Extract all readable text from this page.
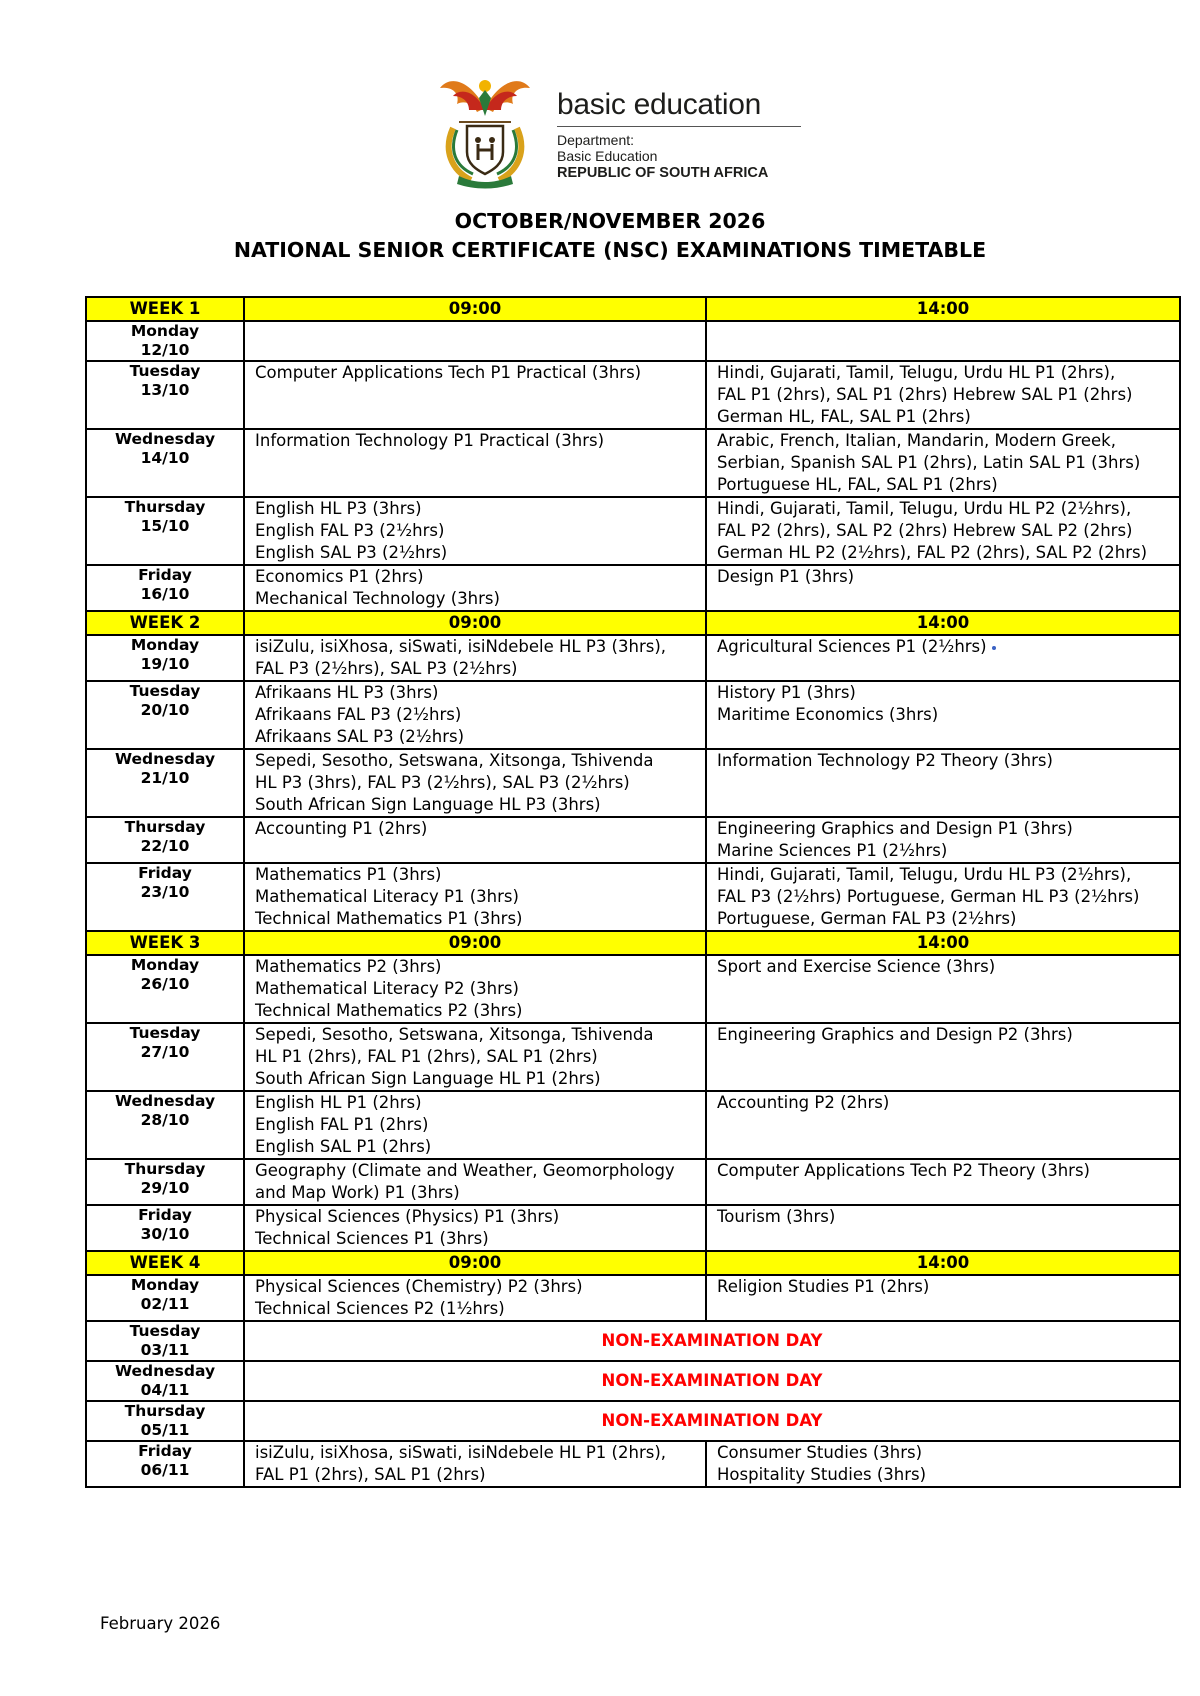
basic education
Department:
Basic Education
REPUBLIC OF SOUTH AFRICA
OCTOBER/NOVEMBER 2026
NATIONAL SENIOR CERTIFICATE (NSC) EXAMINATIONS TIMETABLE
WEEK 1	09:00	14:00

Monday
12/10		

Tuesday
13/10	Computer Applications Tech P1 Practical (3hrs)	Hindi, Gujarati, Tamil, Telugu, Urdu HL P1 (2hrs),
FAL P1 (2hrs), SAL P1 (2hrs) Hebrew SAL P1 (2hrs)
German HL, FAL, SAL P1 (2hrs)

Wednesday
14/10	Information Technology P1 Practical (3hrs)	Arabic, French, Italian, Mandarin, Modern Greek,
Serbian, Spanish SAL P1 (2hrs), Latin SAL P1 (3hrs)
Portuguese HL, FAL, SAL P1 (2hrs)

Thursday
15/10	English HL P3 (3hrs)
English FAL P3 (2½hrs)
English SAL P3 (2½hrs)	Hindi, Gujarati, Tamil, Telugu, Urdu HL P2 (2½hrs),
FAL P2 (2hrs), SAL P2 (2hrs) Hebrew SAL P2 (2hrs)
German HL P2 (2½hrs), FAL P2 (2hrs), SAL P2 (2hrs)

Friday
16/10	Economics P1 (2hrs)
Mechanical Technology (3hrs)	Design P1 (3hrs)

WEEK 2	09:00	14:00

Monday
19/10	isiZulu, isiXhosa, siSwati, isiNdebele HL P3 (3hrs),
FAL P3 (2½hrs), SAL P3 (2½hrs)	Agricultural Sciences P1 (2½hrs)

Tuesday
20/10	Afrikaans HL P3 (3hrs)
Afrikaans FAL P3 (2½hrs)
Afrikaans SAL P3 (2½hrs)	History P1 (3hrs)
Maritime Economics (3hrs)

Wednesday
21/10	Sepedi, Sesotho, Setswana, Xitsonga, Tshivenda
HL P3 (3hrs), FAL P3 (2½hrs), SAL P3 (2½hrs)
South African Sign Language HL P3 (3hrs)	Information Technology P2 Theory (3hrs)

Thursday
22/10	Accounting P1 (2hrs)	Engineering Graphics and Design P1 (3hrs)
Marine Sciences P1 (2½hrs)

Friday
23/10	Mathematics P1 (3hrs)
Mathematical Literacy P1 (3hrs)
Technical Mathematics P1 (3hrs)	Hindi, Gujarati, Tamil, Telugu, Urdu HL P3 (2½hrs),
FAL P3 (2½hrs) Portuguese, German HL P3 (2½hrs)
Portuguese, German FAL P3 (2½hrs)

WEEK 3	09:00	14:00

Monday
26/10	Mathematics P2 (3hrs)
Mathematical Literacy P2 (3hrs)
Technical Mathematics P2 (3hrs)	Sport and Exercise Science (3hrs)

Tuesday
27/10	Sepedi, Sesotho, Setswana, Xitsonga, Tshivenda
HL P1 (2hrs), FAL P1 (2hrs), SAL P1 (2hrs)
South African Sign Language HL P1 (2hrs)	Engineering Graphics and Design P2 (3hrs)

Wednesday
28/10	English HL P1 (2hrs)
English FAL P1 (2hrs)
English SAL P1 (2hrs)	Accounting P2 (2hrs)

Thursday
29/10	Geography (Climate and Weather, Geomorphology
and Map Work) P1 (3hrs)	Computer Applications Tech P2 Theory (3hrs)

Friday
30/10	Physical Sciences (Physics) P1 (3hrs)
Technical Sciences P1 (3hrs)	Tourism (3hrs)

WEEK 4	09:00	14:00

Monday
02/11	Physical Sciences (Chemistry) P2 (3hrs)
Technical Sciences P2 (1½hrs)	Religion Studies P1 (2hrs)

Tuesday
03/11	NON-EXAMINATION DAY	

Wednesday
04/11	NON-EXAMINATION DAY	

Thursday
05/11	NON-EXAMINATION DAY	

Friday
06/11	isiZulu, isiXhosa, siSwati, isiNdebele HL P1 (2hrs),
FAL P1 (2hrs), SAL P1 (2hrs)	Consumer Studies (3hrs)
Hospitality Studies (3hrs)
February 2026
